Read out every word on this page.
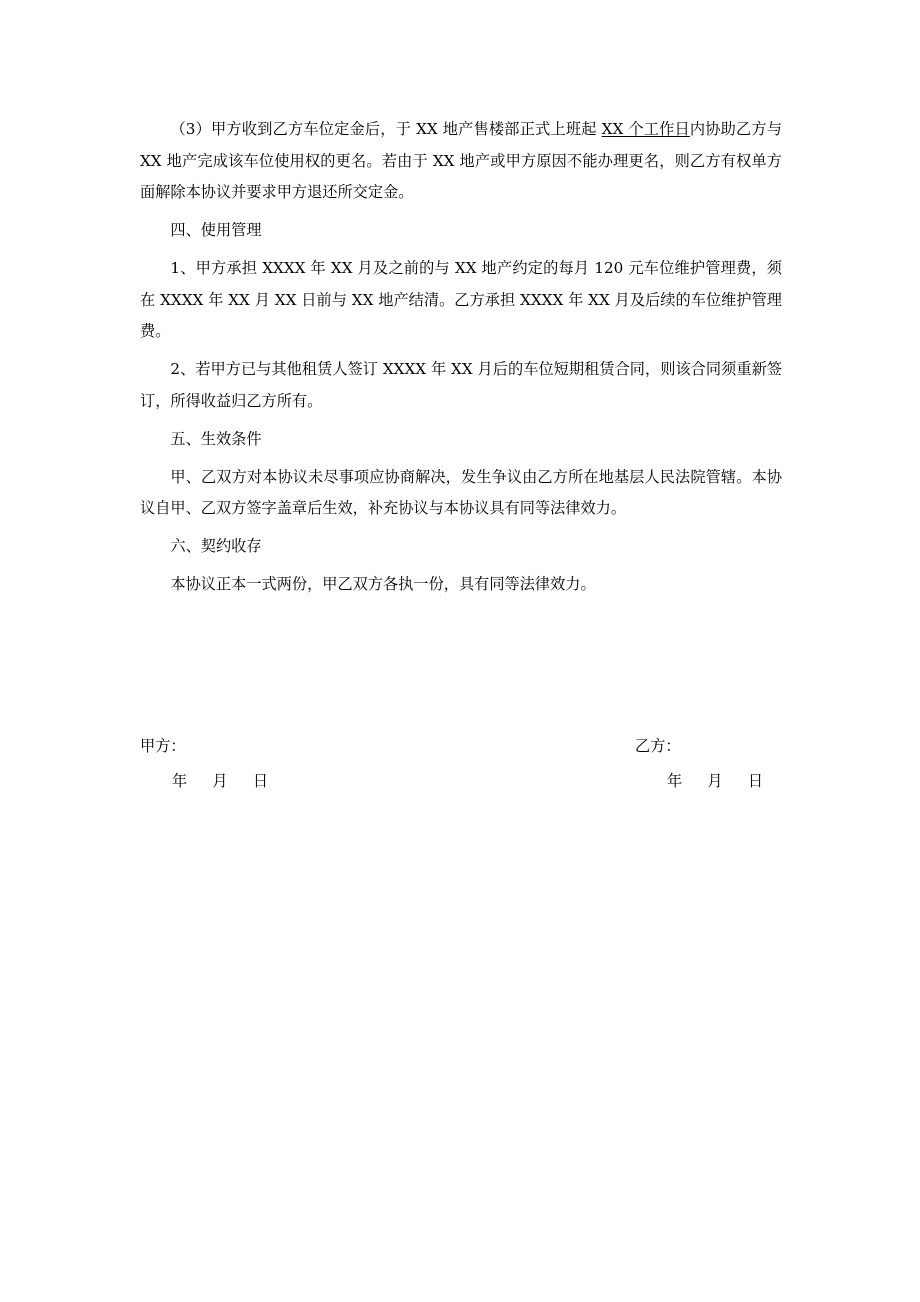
（3）甲方收到乙方车位定金后，于 XX 地产售楼部正式上班起 XX 个工作日内协助乙方与 XX 地产完成该车位使用权的更名。若由于 XX 地产或甲方原因不能办理更名，则乙方有权单方面解除本协议并要求甲方退还所交定金。

四、使用管理

1、甲方承担 XXXX 年 XX 月及之前的与 XX 地产约定的每月 120 元车位维护管理费，须在 XXXX 年 XX 月 XX 日前与 XX 地产结清。乙方承担 XXXX 年 XX 月及后续的车位维护管理费。

2、若甲方已与其他租赁人签订 XXXX 年 XX 月后的车位短期租赁合同，则该合同须重新签订，所得收益归乙方所有。

五、生效条件

甲、乙双方对本协议未尽事项应协商解决，发生争议由乙方所在地基层人民法院管辖。本协议自甲、乙双方签字盖章后生效，补充协议与本协议具有同等法律效力。

六、契约收存

本协议正本一式两份，甲乙双方各执一份，具有同等法律效力。

甲方：
年 月 日
乙方：
年 月 日
